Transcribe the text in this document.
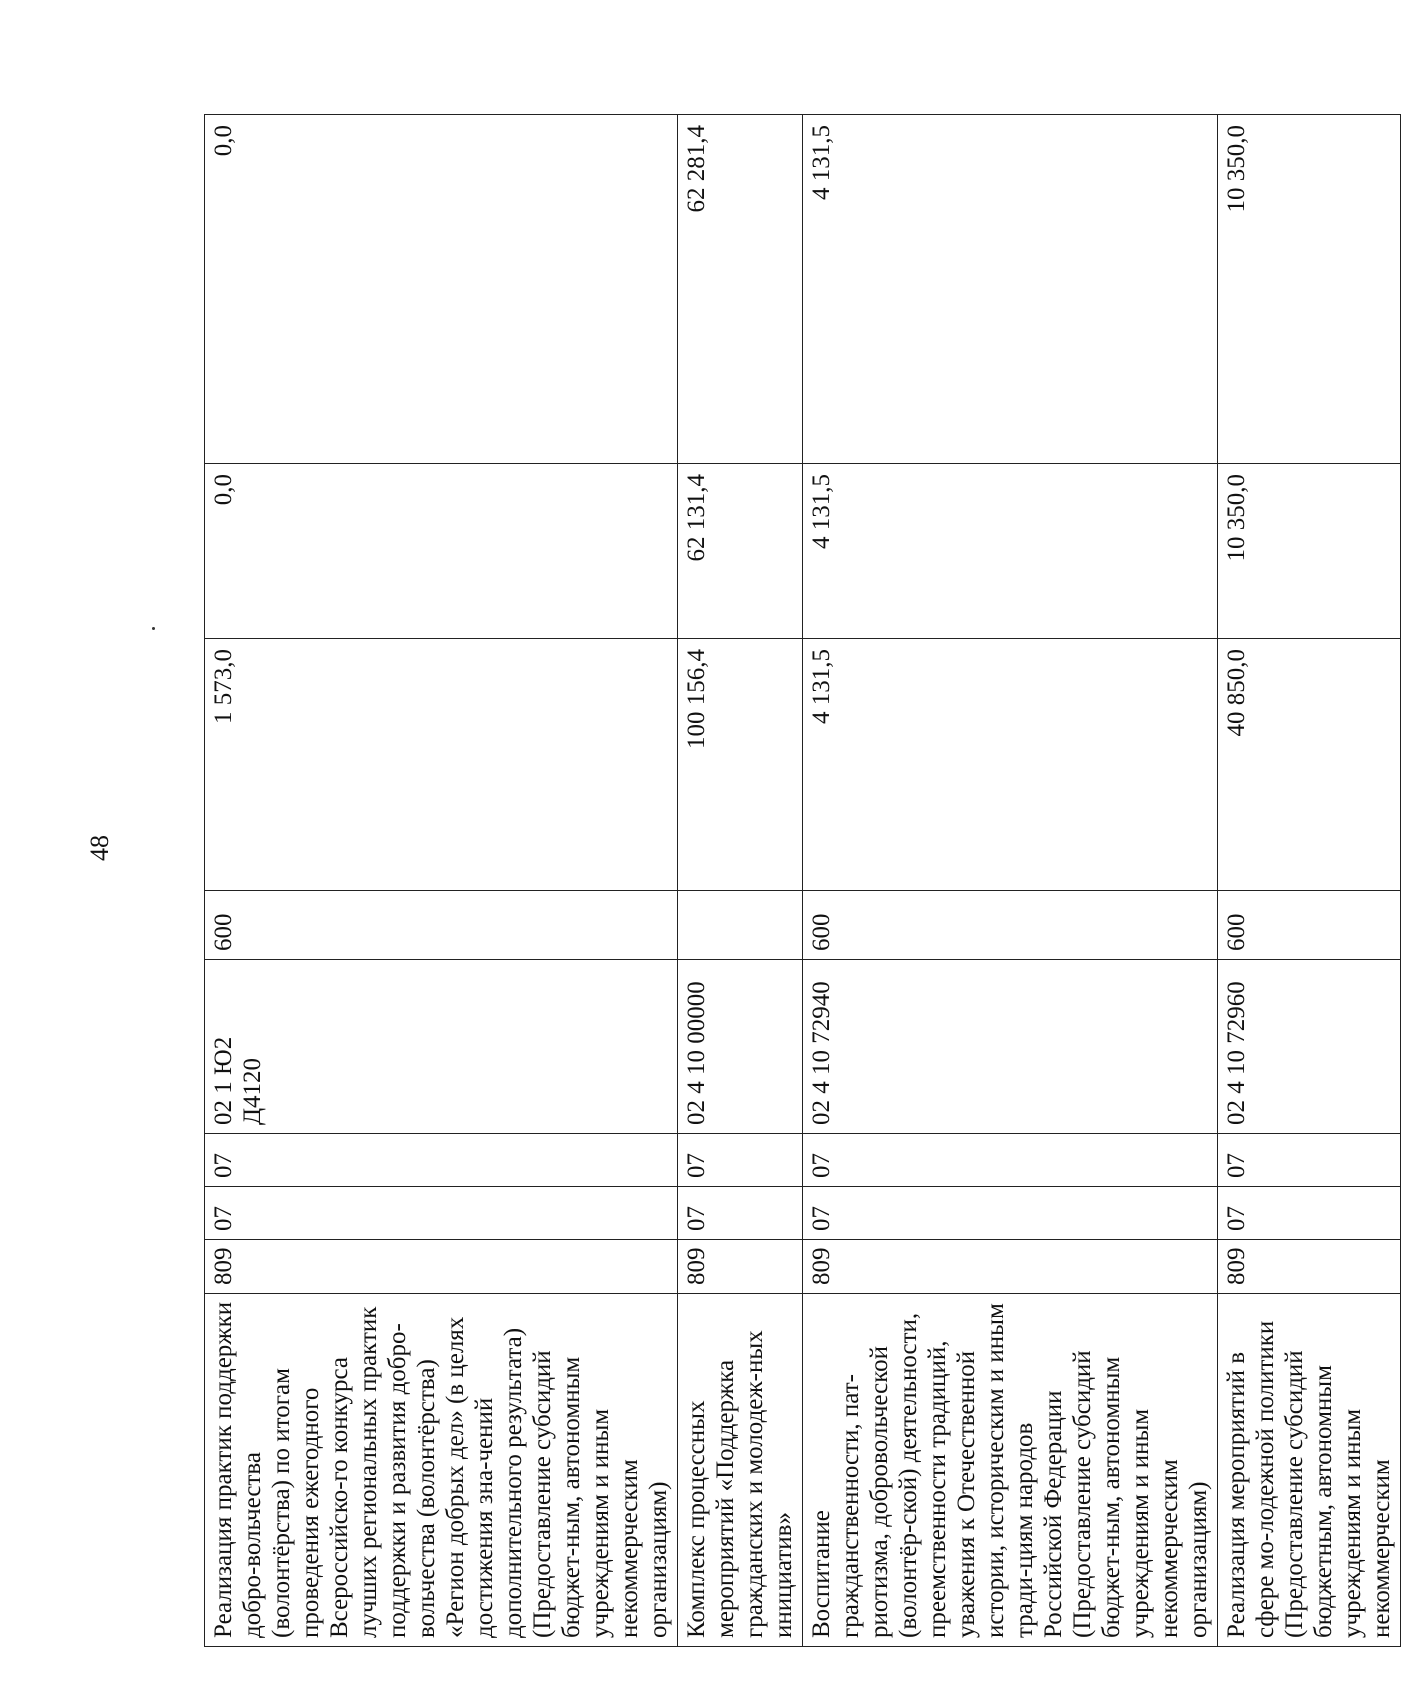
48
Реализация практик поддержки добро-вольчества (волонтёрства) по итогам проведения ежегодного Всероссийско-го конкурса лучших региональных практик поддержки и развития добро-вольчества (волонтёрства) «Регион добрых дел» (в целях достижения зна-чений дополнительного результата) (Предоставление субсидий бюджет-ным, автономным учреждениям и иным некоммерческим организациям)	809	07	07	02 1 Ю2 Д4120	600	1 573,0	0,0	0,0
Комплекс процессных мероприятий «Поддержка гражданских и молодеж-ных инициатив»	809	07	07	02 4 10 00000		100 156,4	62 131,4	62 281,4
Воспитание гражданственности, пат-риотизма, добровольческой (волонтёр-ской) деятельности, преемственности традиций, уважения к Отечественной истории, историческим и иным тради-циям народов Российской Федерации (Предоставление субсидий бюджет-ным, автономным учреждениям и иным некоммерческим организациям)	809	07	07	02 4 10 72940	600	4 131,5	4 131,5	4 131,5
Реализация мероприятий в сфере мо-лодежной политики (Предоставление субсидий бюджетным, автономным учреждениям и иным некоммерческим	809	07	07	02 4 10 72960	600	40 850,0	10 350,0	10 350,0
